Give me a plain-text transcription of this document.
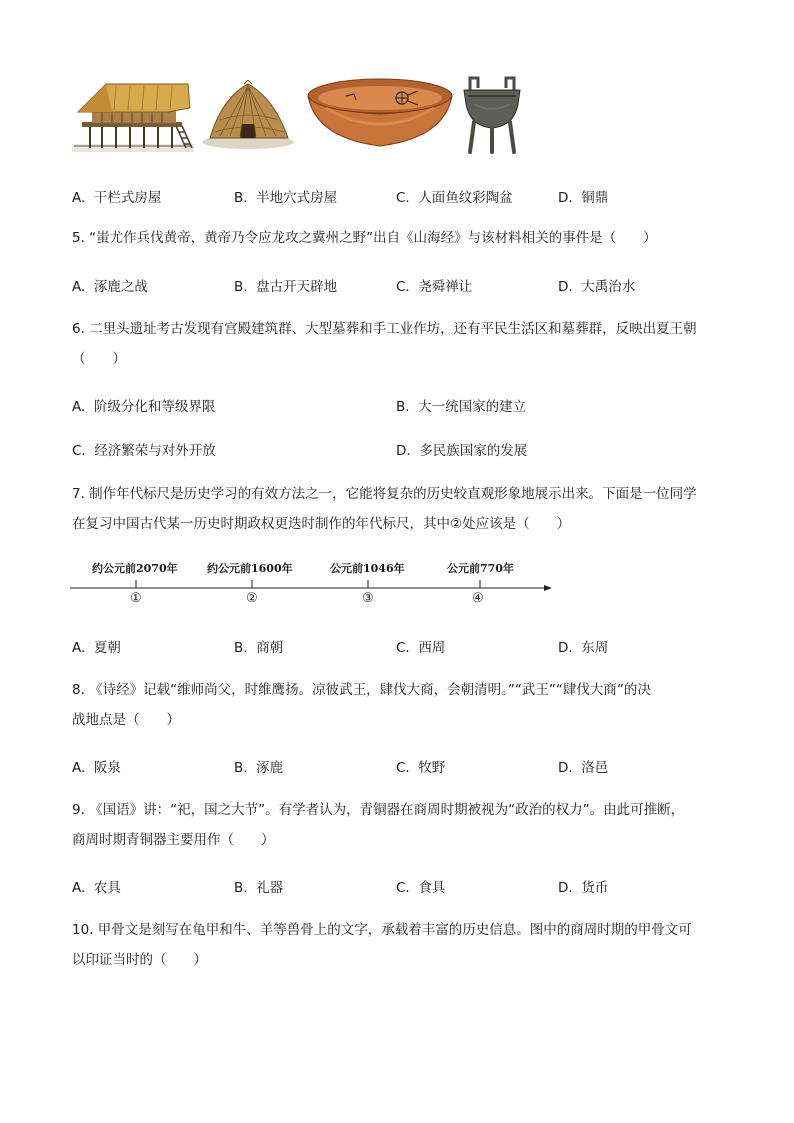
A. 干栏式房屋	B. 半地穴式房屋	C. 人面鱼纹彩陶盆	D. 铜鼎
5. “蚩尤作兵伐黄帝，黄帝乃令应龙攻之冀州之野”出自《山海经》与该材料相关的事件是（　　）
A. 涿鹿之战	B. 盘古开天辟地	C. 尧舜禅让	D. 大禹治水
6. 二里头遗址考古发现有宫殿建筑群、大型墓葬和手工业作坊，还有平民生活区和墓葬群，反映出夏王朝
（　　）
A. 阶级分化和等级界限	B. 大一统国家的建立
C. 经济繁荣与对外开放	D. 多民族国家的发展
7. 制作年代标尺是历史学习的有效方法之一，它能将复杂的历史较直观形象地展示出来。下面是一位同学
在复习中国古代某一历史时期政权更迭时制作的年代标尺，其中②处应该是（　　）
约公元前2070年	约公元前1600年	公元前1046年	公元前770年
①	②	③	④
A. 夏朝	B. 商朝	C. 西周	D. 东周
8. 《诗经》记载“维师尚父，时维鹰扬。凉彼武王，肆伐大商，会朝清明。”“武王”“肆伐大商”的决
战地点是（　　）
A. 阪泉	B. 涿鹿	C. 牧野	D. 洛邑
9. 《国语》讲：“祀，国之大节”。有学者认为，青铜器在商周时期被视为“政治的权力”。由此可推断，
商周时期青铜器主要用作（　　）
A. 农具	B. 礼器	C. 食具	D. 货币
10. 甲骨文是刻写在龟甲和牛、羊等兽骨上的文字，承载着丰富的历史信息。图中的商周时期的甲骨文可
以印证当时的（　　）
